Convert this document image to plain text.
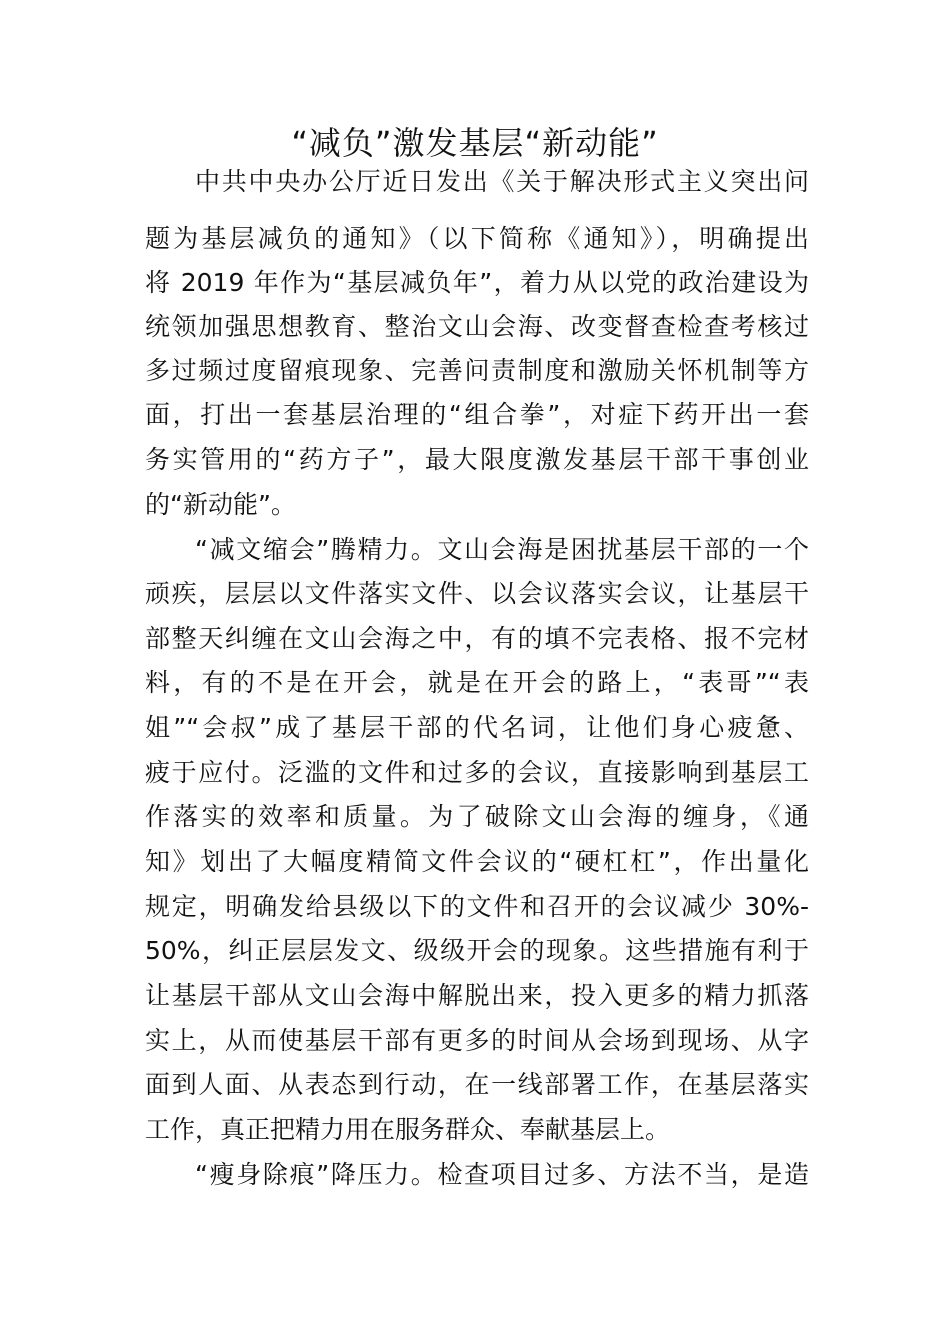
“减负”激发基层“新动能”
中共中央办公厅近日发出《关于解决形式主义突出问
题为基层减负的通知》（以下简称《通知》），明确提出
将 2019 年作为“基层减负年”，着力从以党的政治建设为
统领加强思想教育、整治文山会海、改变督查检查考核过
多过频过度留痕现象、完善问责制度和激励关怀机制等方
面，打出一套基层治理的“组合拳”，对症下药开出一套
务实管用的“药方子”，最大限度激发基层干部干事创业
的“新动能”。
“减文缩会”腾精力。文山会海是困扰基层干部的一个
顽疾，层层以文件落实文件、以会议落实会议，让基层干
部整天纠缠在文山会海之中，有的填不完表格、报不完材
料，有的不是在开会，就是在开会的路上，“表哥”“表
姐”“会叔”成了基层干部的代名词，让他们身心疲惫、
疲于应付。泛滥的文件和过多的会议，直接影响到基层工
作落实的效率和质量。为了破除文山会海的缠身，《通
知》划出了大幅度精简文件会议的“硬杠杠”，作出量化
规定，明确发给县级以下的文件和召开的会议减少 30%-
50%，纠正层层发文、级级开会的现象。这些措施有利于
让基层干部从文山会海中解脱出来，投入更多的精力抓落
实上，从而使基层干部有更多的时间从会场到现场、从字
面到人面、从表态到行动，在一线部署工作，在基层落实
工作，真正把精力用在服务群众、奉献基层上。
“瘦身除痕”降压力。检查项目过多、方法不当，是造
